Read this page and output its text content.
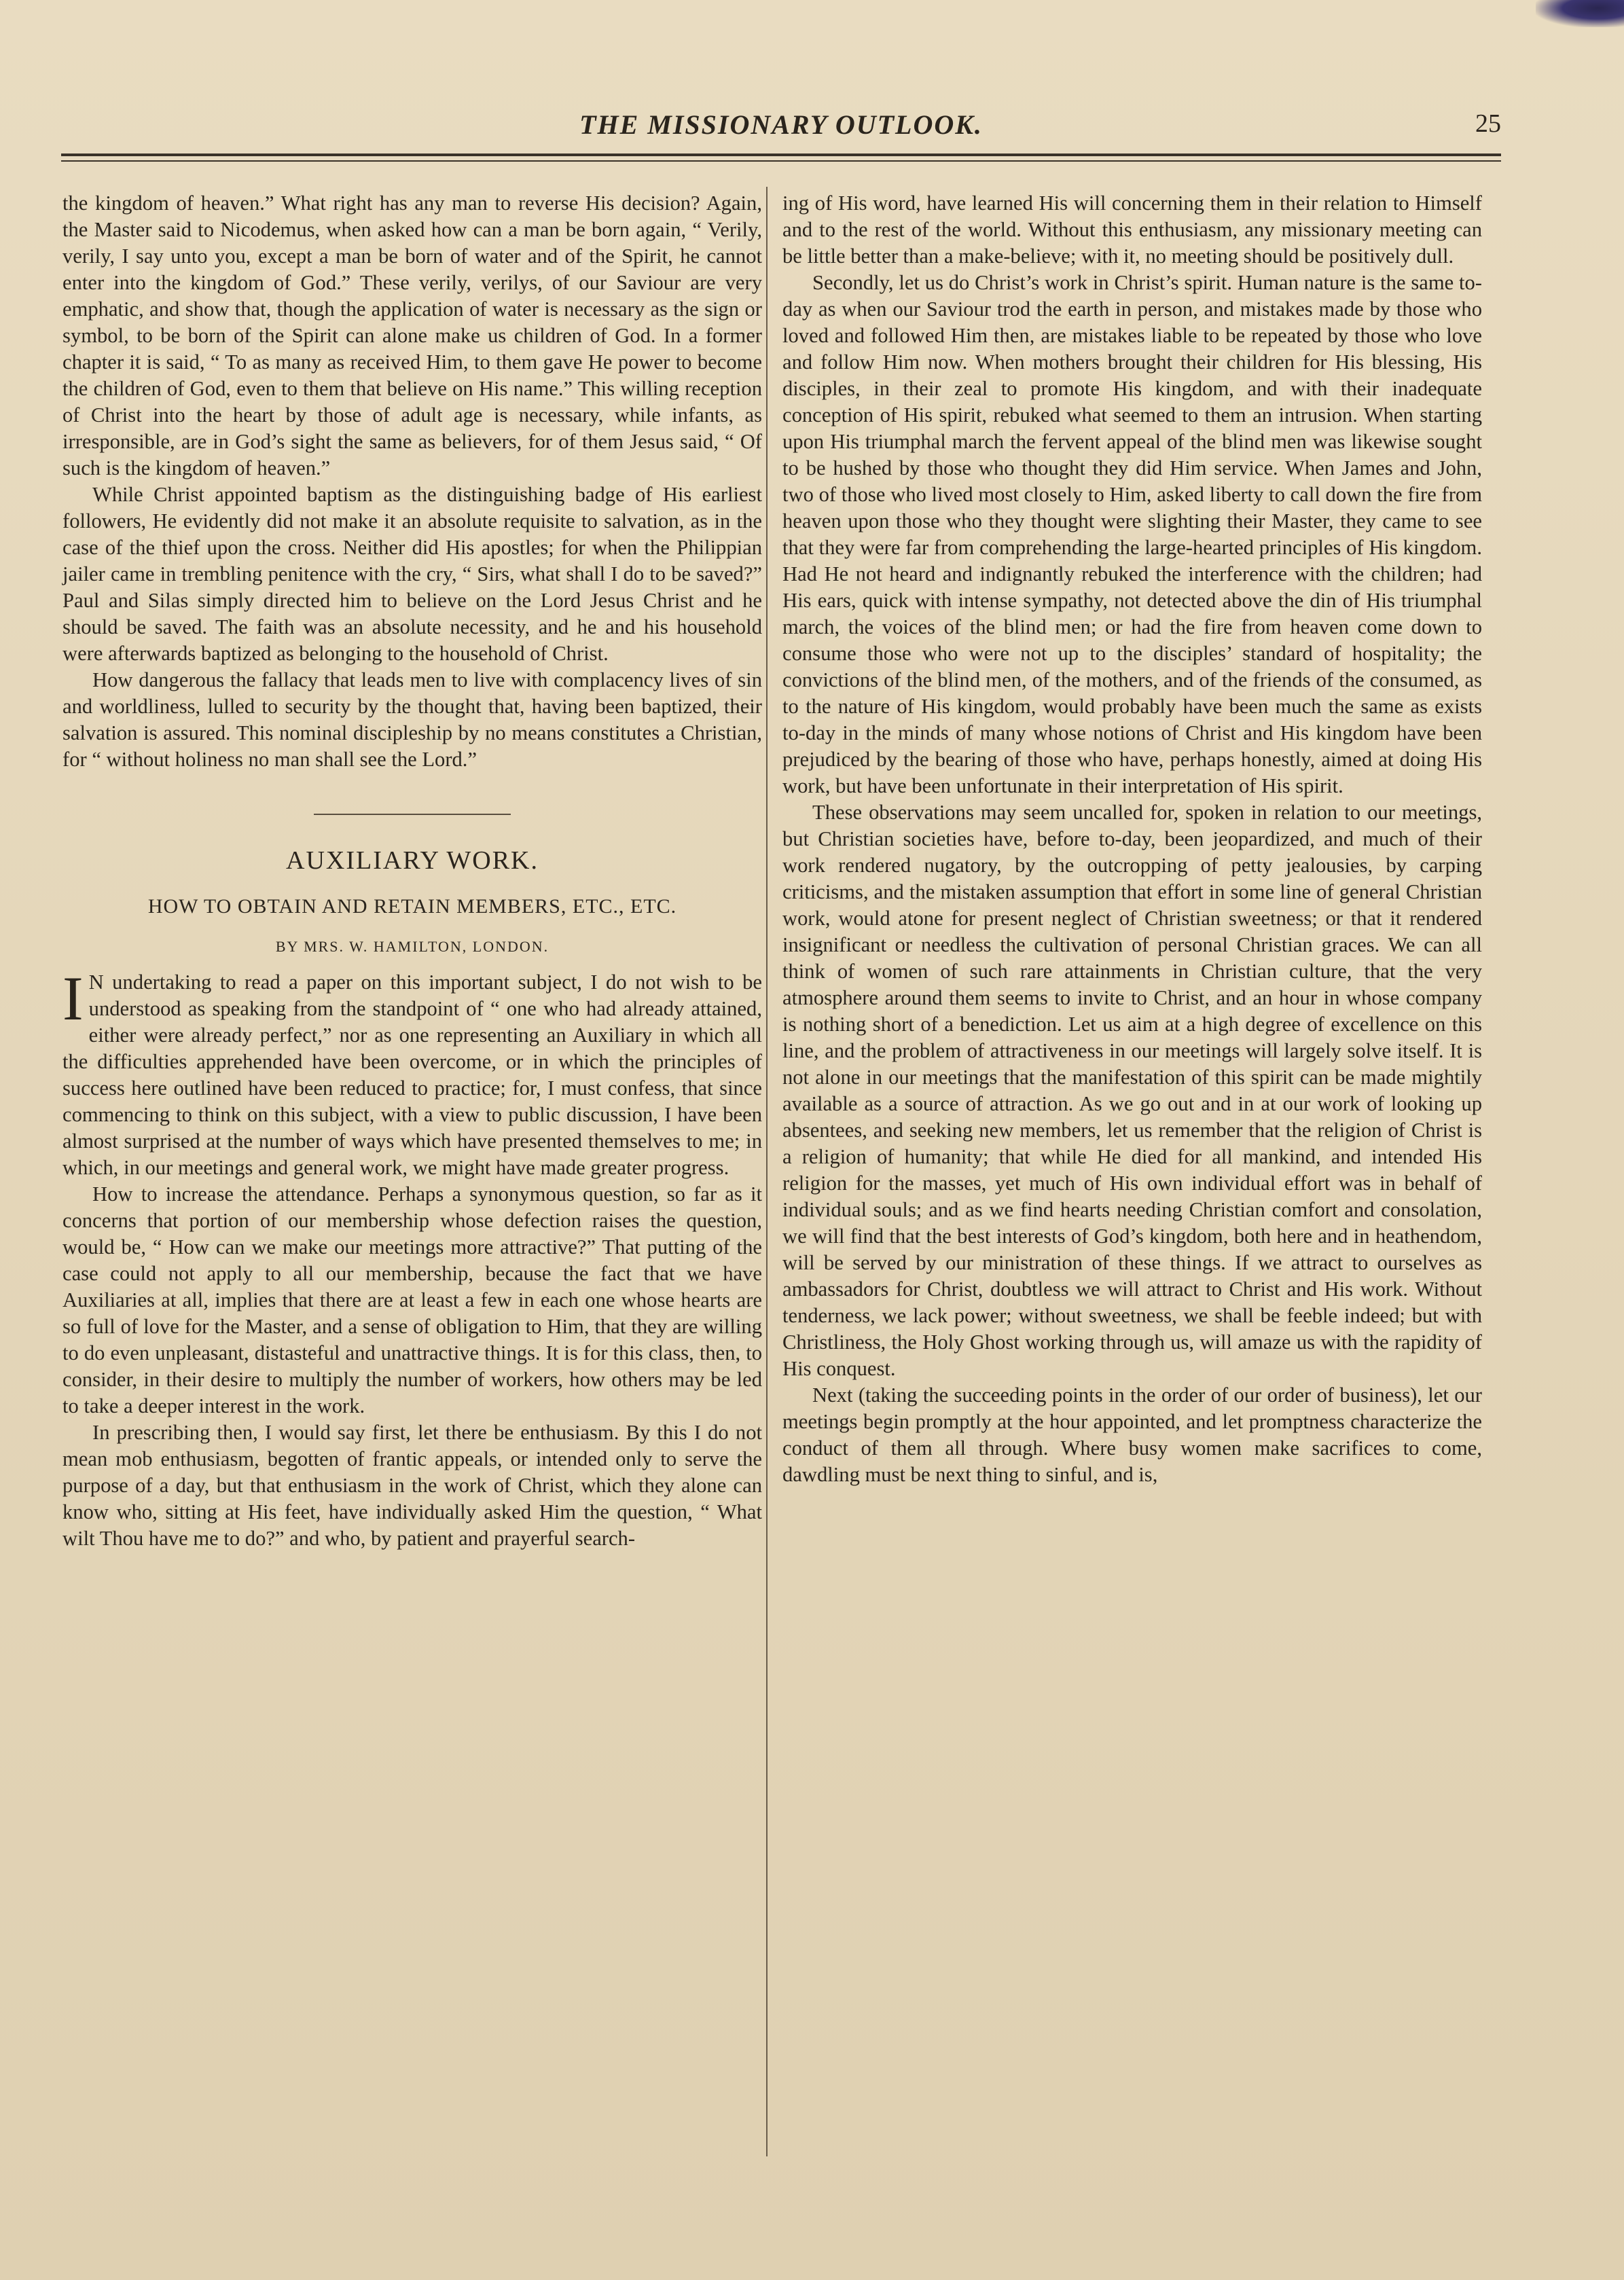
THE MISSIONARY OUTLOOK.	25

the kingdom of heaven.” What right has any man to reverse His decision? Again, the Master said to Nicodemus, when asked how can a man be born again, “ Verily, verily, I say unto you, except a man be born of water and of the Spirit, he cannot enter into the kingdom of God.” These verily, verilys, of our Saviour are very emphatic, and show that, though the application of water is necessary as the sign or symbol, to be born of the Spirit can alone make us children of God. In a former chapter it is said, “ To as many as received Him, to them gave He power to become the children of God, even to them that believe on His name.” This willing reception of Christ into the heart by those of adult age is necessary, while infants, as irresponsible, are in God’s sight the same as believers, for of them Jesus said, “ Of such is the kingdom of heaven.”

While Christ appointed baptism as the distinguishing badge of His earliest followers, He evidently did not make it an absolute requisite to salvation, as in the case of the thief upon the cross. Neither did His apostles; for when the Philippian jailer came in trembling penitence with the cry, “ Sirs, what shall I do to be saved?” Paul and Silas simply directed him to believe on the Lord Jesus Christ and he should be saved. The faith was an absolute necessity, and he and his household were afterwards baptized as belonging to the household of Christ.

How dangerous the fallacy that leads men to live with complacency lives of sin and worldliness, lulled to security by the thought that, having been baptized, their salvation is assured. This nominal discipleship by no means constitutes a Christian, for “ without holiness no man shall see the Lord.”

AUXILIARY WORK.
HOW TO OBTAIN AND RETAIN MEMBERS, ETC., ETC.
BY MRS. W. HAMILTON, LONDON.

I N undertaking to read a paper on this important subject, I do not wish to be understood as speaking from the standpoint of “ one who had already attained, either were already perfect,” nor as one representing an Auxiliary in which all the difficulties apprehended have been overcome, or in which the principles of success here outlined have been reduced to practice; for, I must confess, that since commencing to think on this subject, with a view to public discussion, I have been almost surprised at the number of ways which have presented themselves to me; in which, in our meetings and general work, we might have made greater progress.

How to increase the attendance. Perhaps a synonymous question, so far as it concerns that portion of our membership whose defection raises the question, would be, “ How can we make our meetings more attractive?” That putting of the case could not apply to all our membership, because the fact that we have Auxiliaries at all, implies that there are at least a few in each one whose hearts are so full of love for the Master, and a sense of obligation to Him, that they are willing to do even unpleasant, distasteful and unattractive things. It is for this class, then, to consider, in their desire to multiply the number of workers, how others may be led to take a deeper interest in the work.

In prescribing then, I would say first, let there be enthusiasm. By this I do not mean mob enthusiasm, begotten of frantic appeals, or intended only to serve the purpose of a day, but that enthusiasm in the work of Christ, which they alone can know who, sitting at His feet, have individually asked Him the question, “ What wilt Thou have me to do?” and who, by patient and prayerful search-

ing of His word, have learned His will concerning them in their relation to Himself and to the rest of the world. Without this enthusiasm, any missionary meeting can be little better than a make-believe; with it, no meeting should be positively dull.

Secondly, let us do Christ’s work in Christ’s spirit. Human nature is the same to-day as when our Saviour trod the earth in person, and mistakes made by those who loved and followed Him then, are mistakes liable to be repeated by those who love and follow Him now. When mothers brought their children for His blessing, His disciples, in their zeal to promote His kingdom, and with their inadequate conception of His spirit, rebuked what seemed to them an intrusion. When starting upon His triumphal march the fervent appeal of the blind men was likewise sought to be hushed by those who thought they did Him service. When James and John, two of those who lived most closely to Him, asked liberty to call down the fire from heaven upon those who they thought were slighting their Master, they came to see that they were far from comprehending the large-hearted principles of His kingdom. Had He not heard and indignantly rebuked the interference with the children; had His ears, quick with intense sympathy, not detected above the din of His triumphal march, the voices of the blind men; or had the fire from heaven come down to consume those who were not up to the disciples’ standard of hospitality; the convictions of the blind men, of the mothers, and of the friends of the consumed, as to the nature of His kingdom, would probably have been much the same as exists to-day in the minds of many whose notions of Christ and His kingdom have been prejudiced by the bearing of those who have, perhaps honestly, aimed at doing His work, but have been unfortunate in their interpretation of His spirit.

These observations may seem uncalled for, spoken in relation to our meetings, but Christian societies have, before to-day, been jeopardized, and much of their work rendered nugatory, by the outcropping of petty jealousies, by carping criticisms, and the mistaken assumption that effort in some line of general Christian work, would atone for present neglect of Christian sweetness; or that it rendered insignificant or needless the cultivation of personal Christian graces. We can all think of women of such rare attainments in Christian culture, that the very atmosphere around them seems to invite to Christ, and an hour in whose company is nothing short of a benediction. Let us aim at a high degree of excellence on this line, and the problem of attractiveness in our meetings will largely solve itself. It is not alone in our meetings that the manifestation of this spirit can be made mightily available as a source of attraction. As we go out and in at our work of looking up absentees, and seeking new members, let us remember that the religion of Christ is a religion of humanity; that while He died for all mankind, and intended His religion for the masses, yet much of His own individual effort was in behalf of individual souls; and as we find hearts needing Christian comfort and consolation, we will find that the best interests of God’s kingdom, both here and in heathendom, will be served by our ministration of these things. If we attract to ourselves as ambassadors for Christ, doubtless we will attract to Christ and His work. Without tenderness, we lack power; without sweetness, we shall be feeble indeed; but with Christliness, the Holy Ghost working through us, will amaze us with the rapidity of His conquest.

Next (taking the succeeding points in the order of our order of business), let our meetings begin promptly at the hour appointed, and let promptness characterize the conduct of them all through. Where busy women make sacrifices to come, dawdling must be next thing to sinful, and is,
